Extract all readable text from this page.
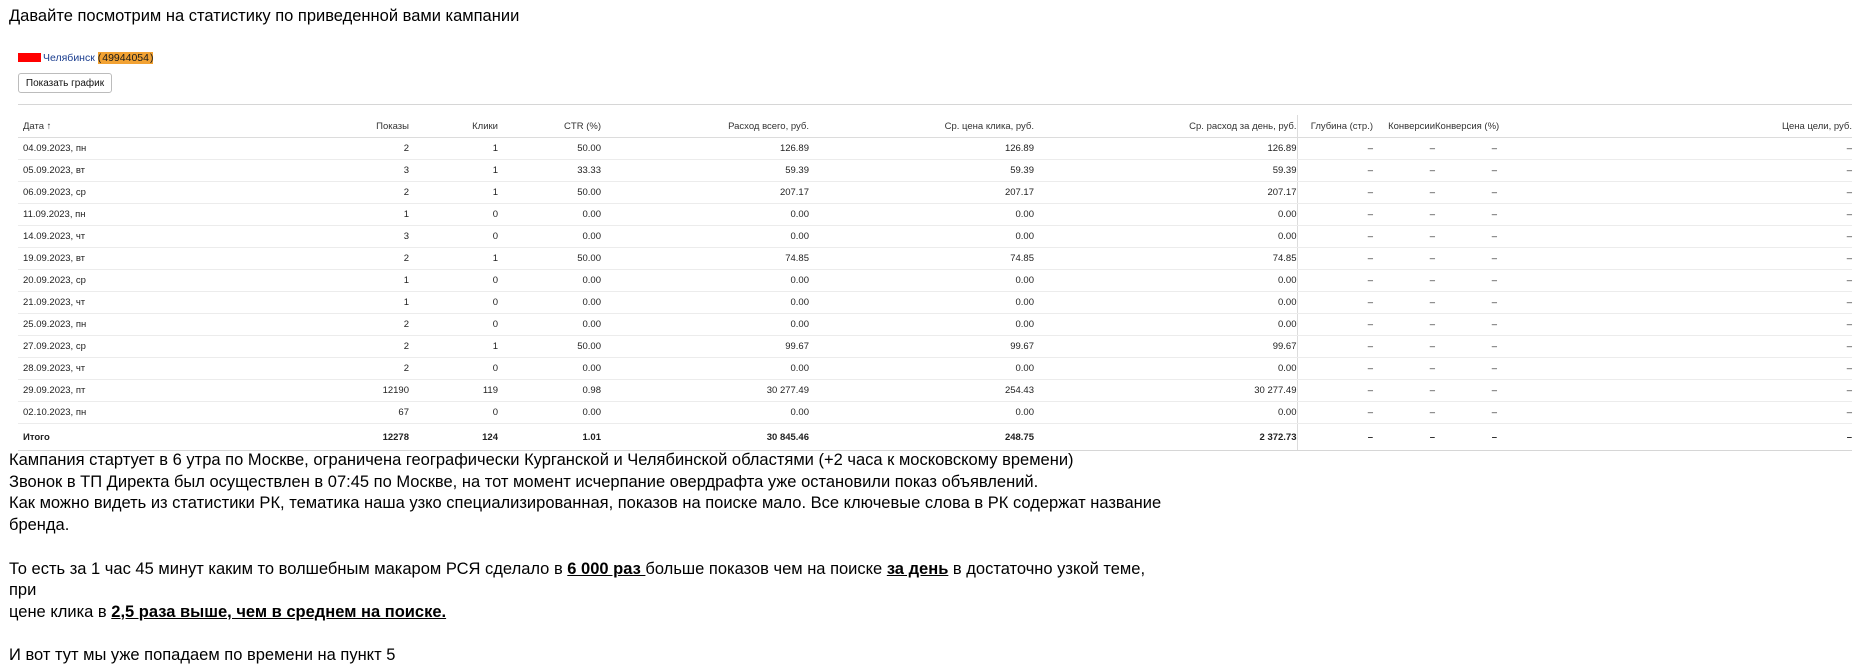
Давайте посмотрим на статистику по приведенной вами кампании
Челябинск (49944054)
Показать график
Дата ↑	Показы	Клики	CTR (%)	Расход всего, руб.	Ср. цена клика, руб.	Ср. расход за день, руб.	Глубина (стр.)	Конверсии	Конверсия (%)	Цена цели, руб.
04.09.2023, пн	2	1	50.00	126.89	126.89	126.89	–	–	–	–
05.09.2023, вт	3	1	33.33	59.39	59.39	59.39	–	–	–	–
06.09.2023, ср	2	1	50.00	207.17	207.17	207.17	–	–	–	–
11.09.2023, пн	1	0	0.00	0.00	0.00	0.00	–	–	–	–
14.09.2023, чт	3	0	0.00	0.00	0.00	0.00	–	–	–	–
19.09.2023, вт	2	1	50.00	74.85	74.85	74.85	–	–	–	–
20.09.2023, ср	1	0	0.00	0.00	0.00	0.00	–	–	–	–
21.09.2023, чт	1	0	0.00	0.00	0.00	0.00	–	–	–	–
25.09.2023, пн	2	0	0.00	0.00	0.00	0.00	–	–	–	–
27.09.2023, ср	2	1	50.00	99.67	99.67	99.67	–	–	–	–
28.09.2023, чт	2	0	0.00	0.00	0.00	0.00	–	–	–	–
29.09.2023, пт	12190	119	0.98	30 277.49	254.43	30 277.49	–	–	–	–
02.10.2023, пн	67	0	0.00	0.00	0.00	0.00	–	–	–	–
Итого	12278	124	1.01	30 845.46	248.75	2 372.73	–	–	–	–

Кампания стартует в 6 утра по Москве, ограничена географически Курганской и Челябинской областями (+2 часа к московскому времени)

Звонок в ТП Директа был осуществлен в 07:45 по Москве, на тот момент исчерпание овердрафта уже остановили показ объявлений.

Как можно видеть из статистики РК, тематика наша узко специализированная, показов на поиске мало. Все ключевые слова в РК содержат название

бренда.

То есть за 1 час 45 минут каким то волшебным макаром РСЯ сделало в 6 000 раз больше показов чем на поиске за день в достаточно узкой теме, при

цене клика в 2,5 раза выше, чем в среднем на поиске.

И вот тут мы уже попадаем по времени на пункт 5
